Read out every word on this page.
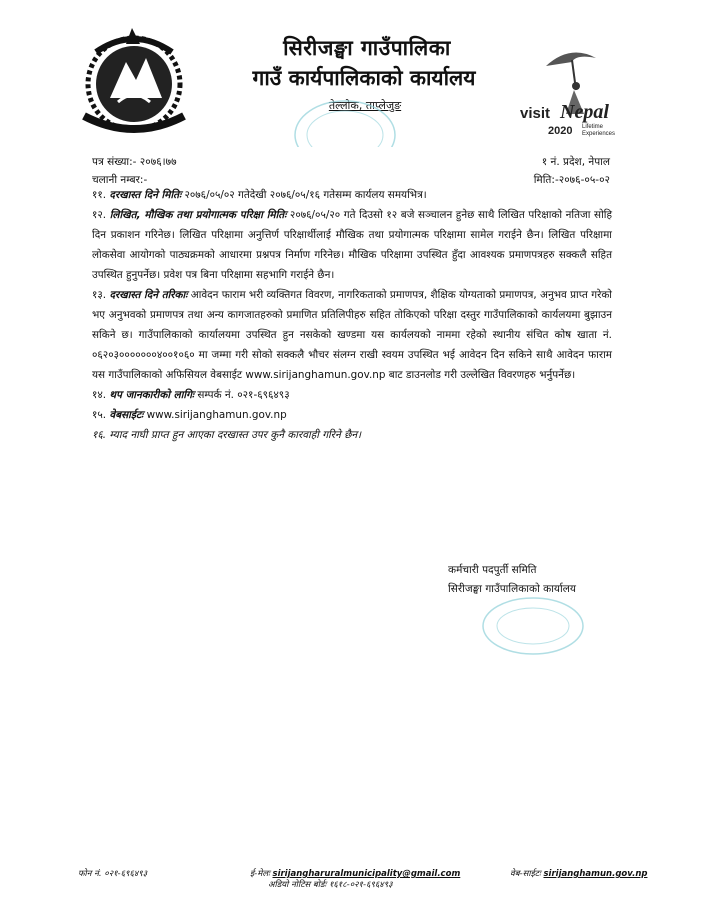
सिरीजङ्घा गाउँपालिका
गाउँ कार्यपालिकाको कार्यालय
तेल्लोक, ताप्लेजुङ	visit Nepal
2020 Lifetime
Experiences
पत्र संख्या:- २०७६।७७
चलानी नम्बर:-
१ नं. प्रदेश, नेपाल
मिति:-२०७६-०५-०२

११. दरखास्त दिने मितिः २०७६/०५/०२ गतेदेखी २०७६/०५/१६ गतेसम्म कार्यलय समयभित्र।

१२. लिखित, मौखिक तथा प्रयोगात्मक परिक्षा मितिः २०७६/०५/२० गते दिउसो १२ बजे सञ्चालन हुनेछ साथै लिखित परिक्षाको नतिजा सोहि दिन प्रकाशन गरिनेछ। लिखित परिक्षामा अनुत्तिर्ण परिक्षार्थीलाई मौखिक तथा प्रयोगात्मक परिक्षामा सामेल गराईने छैन। लिखित परिक्षामा लोकसेवा आयोगको पाठ्यक्रमको आधारमा प्रश्नपत्र निर्माण गरिनेछ। मौखिक परिक्षामा उपस्थित हुँदा आवश्यक प्रमाणपत्रहरु सक्कलै सहित उपस्थित हुनुपर्नेछ। प्रवेश पत्र बिना परिक्षामा सहभागि गराईने छैन।

१३. दरखास्त दिने तरिकाः आवेदन फाराम भरी व्यक्तिगत विवरण, नागरिकताको प्रमाणपत्र, शैक्षिक योग्यताको प्रमाणपत्र, अनुभव प्राप्त गरेको भए अनुभवको प्रमाणपत्र तथा अन्य कागजातहरुको प्रमाणित प्रतिलिपीहरु सहित तोकिएको परिक्षा दस्तुर गाउँपालिकाको कार्यलयमा बुझाउन सकिने छ। गाउँपालिकाको कार्यालयमा उपस्थित हुन नसकेको खण्डमा यस कार्यलयको नाममा रहेको स्थानीय संचित कोष खाता नं. ०६२०३०००००००४००१०६० मा जम्मा गरी सोको सक्कलै भौचर संलग्न राखी स्वयम उपस्थित भई आवेदन दिन सकिने साथै आवेदन फाराम यस गाउँपालिकाको अफिसियल वेबसाईट www.sirijanghamun.gov.np बाट डाउनलोड गरी उल्लेखित विवरणहरु भर्नुपर्नेछ।

१४. थप जानकारीको लागिः सम्पर्क नं. ०२१-६९६४९३

१५. वेबसाईटः www.sirijanghamun.gov.np

१६. म्याद नाघी प्राप्त हुन आएका दरखास्त उपर कुनै कारवाही गरिने छैन।

कर्मचारी पदपुर्ती समिति
सिरीजङ्घा गाउँपालिकाको कार्यालय
फोन नं. ०२१-६९६४९३	ई-मेलः sirijangharuralmunicipality@gmail.com
अडियो नोटिस बोर्डः १६१८-०२१-६९६४९३
वेब-साईटः sirijanghamun.gov.np
